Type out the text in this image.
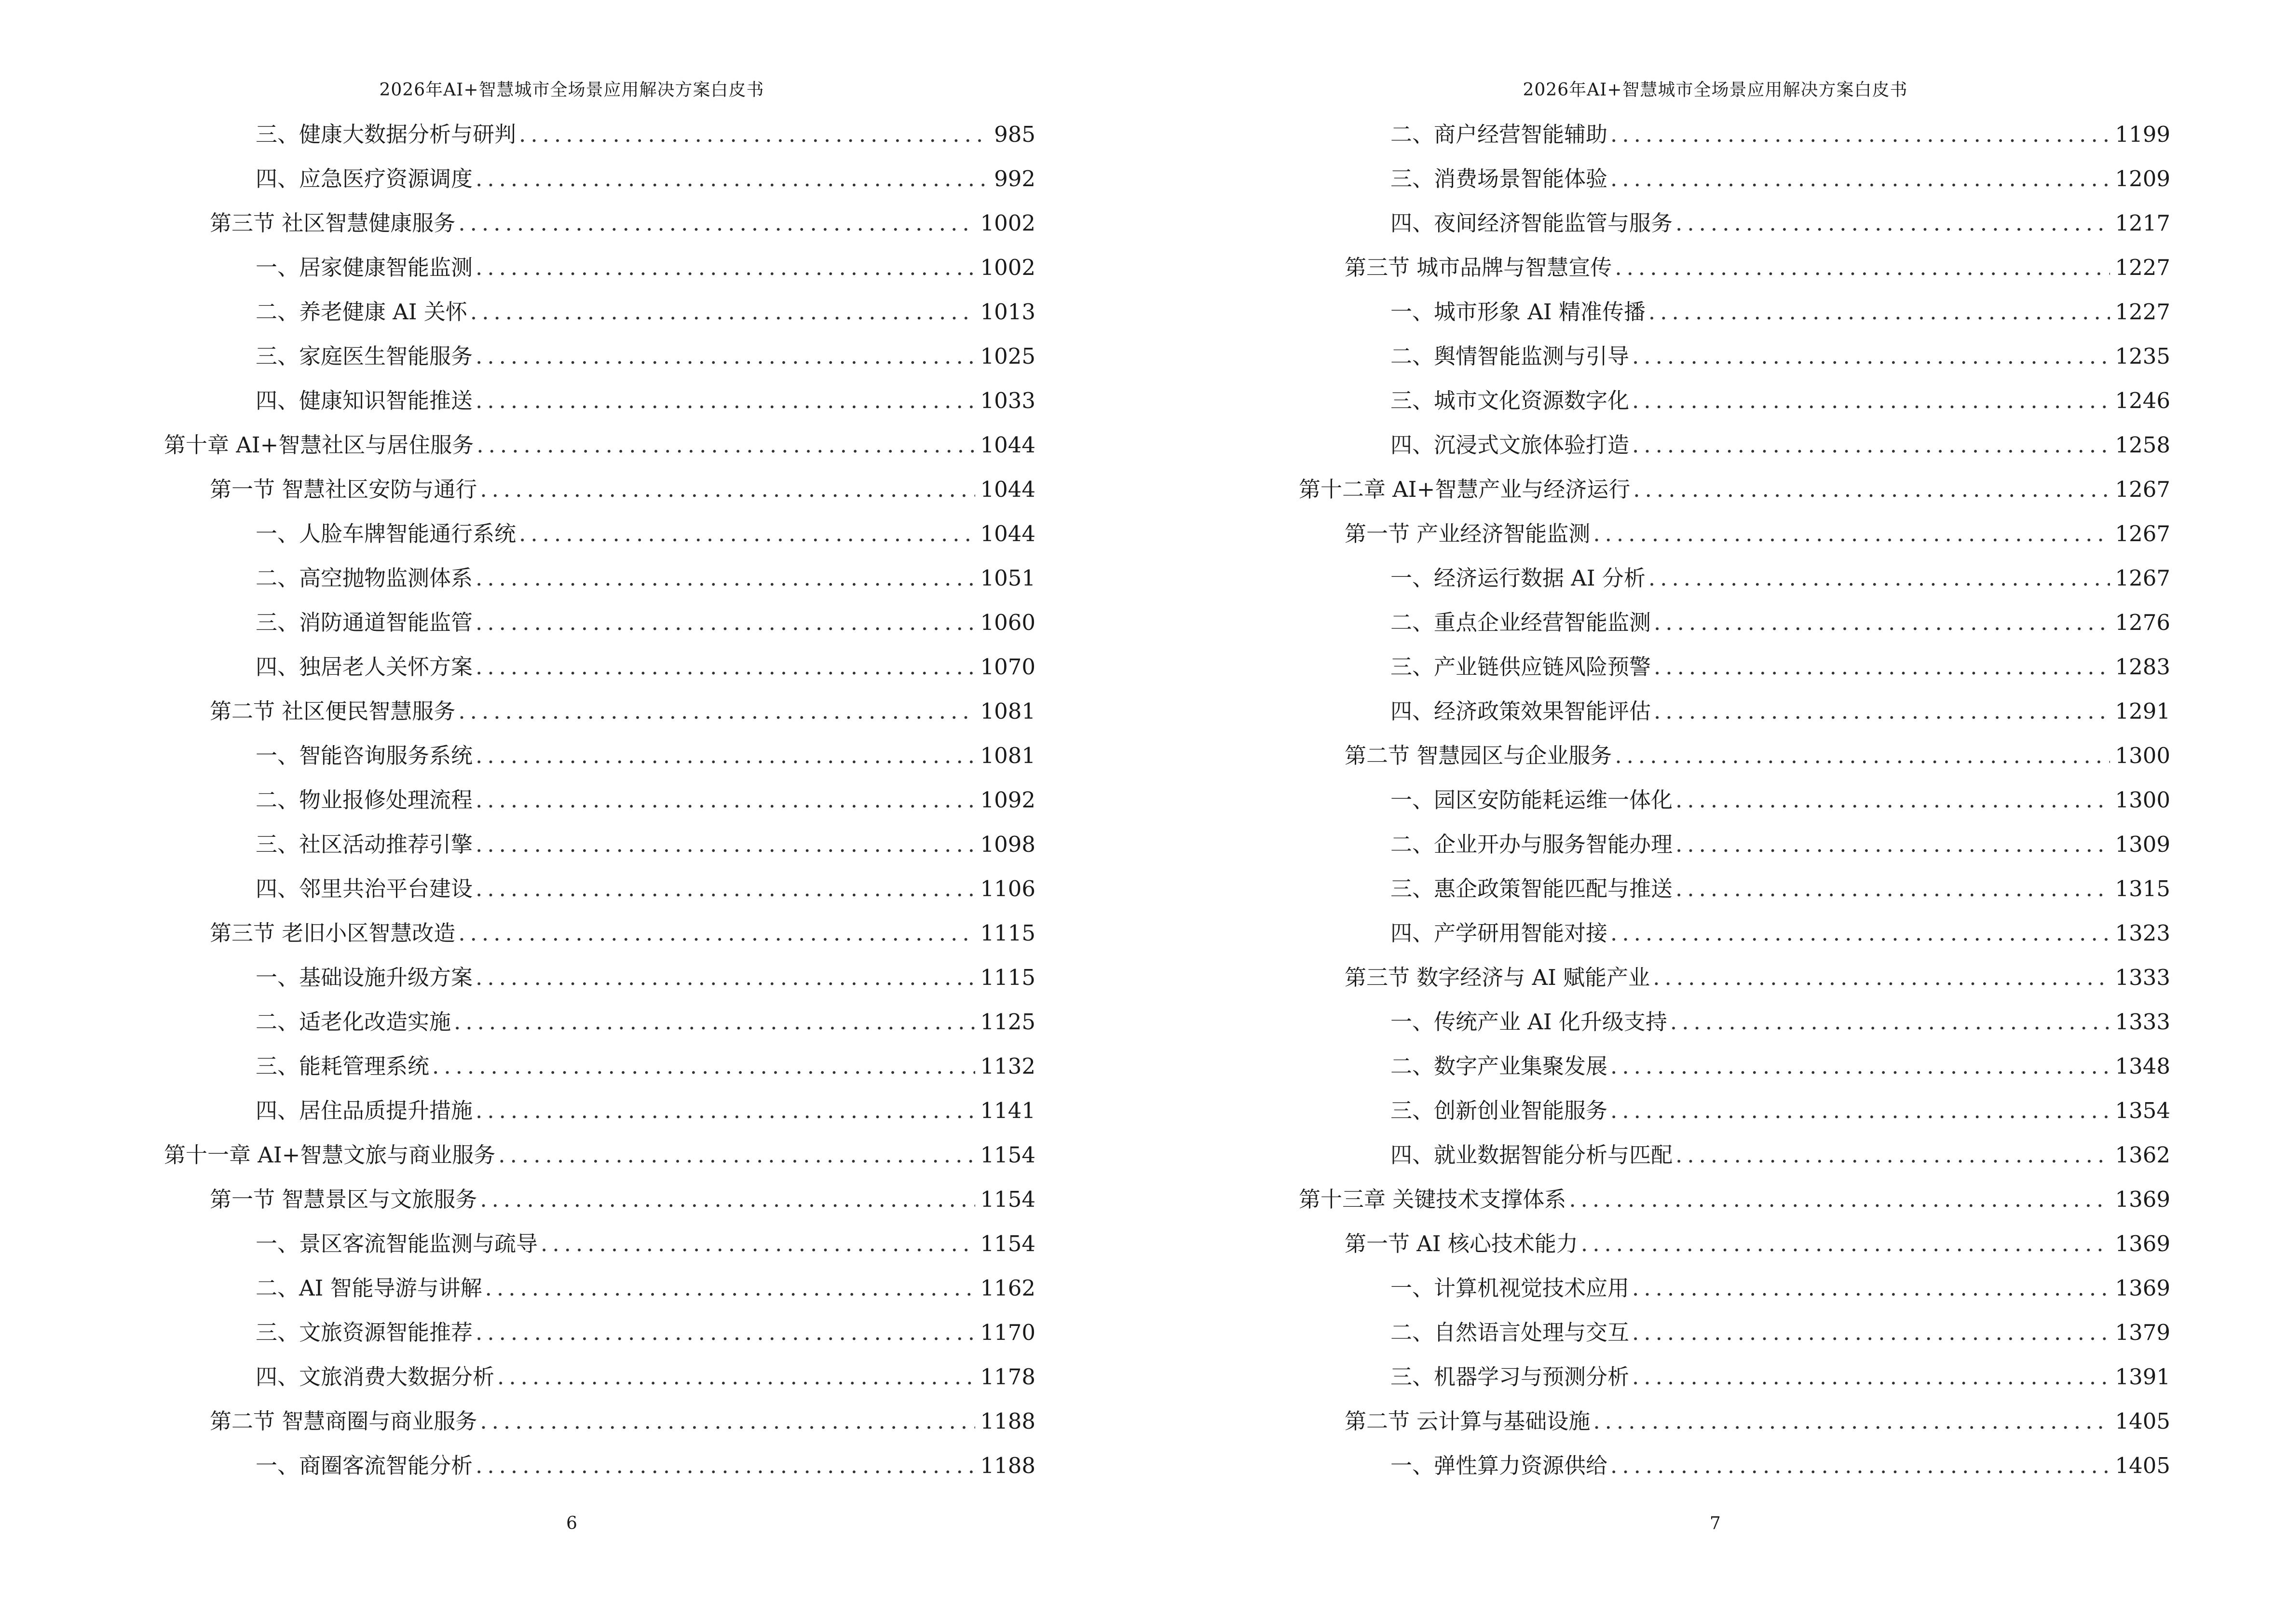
2026年AI+智慧城市全场景应用解决方案白皮书
三、健康大数据分析与研判 .....	985
四、应急医疗资源调度 .....	992
第三节 社区智慧健康服务 .....	1002
一、居家健康智能监测 .....	1002
二、养老健康 AI 关怀 .....	1013
三、家庭医生智能服务 .....	1025
四、健康知识智能推送 .....	1033
第十章 AI+智慧社区与居住服务 .....	1044
第一节 智慧社区安防与通行 .....	1044
一、人脸车牌智能通行系统 .....	1044
二、高空抛物监测体系 .....	1051
三、消防通道智能监管 .....	1060
四、独居老人关怀方案 .....	1070
第二节 社区便民智慧服务 .....	1081
一、智能咨询服务系统 .....	1081
二、物业报修处理流程 .....	1092
三、社区活动推荐引擎 .....	1098
四、邻里共治平台建设 .....	1106
第三节 老旧小区智慧改造 .....	1115
一、基础设施升级方案 .....	1115
二、适老化改造实施 .....	1125
三、能耗管理系统 .....	1132
四、居住品质提升措施 .....	1141
第十一章 AI+智慧文旅与商业服务 .....	1154
第一节 智慧景区与文旅服务 .....	1154
一、景区客流智能监测与疏导 .....	1154
二、AI 智能导游与讲解 .....	1162
三、文旅资源智能推荐 .....	1170
四、文旅消费大数据分析 .....	1178
第二节 智慧商圈与商业服务 .....	1188
一、商圈客流智能分析 .....	1188
6
2026年AI+智慧城市全场景应用解决方案白皮书
二、商户经营智能辅助 .....	1199
三、消费场景智能体验 .....	1209
四、夜间经济智能监管与服务 .....	1217
第三节 城市品牌与智慧宣传 .....	1227
一、城市形象 AI 精准传播 .....	1227
二、舆情智能监测与引导 .....	1235
三、城市文化资源数字化 .....	1246
四、沉浸式文旅体验打造 .....	1258
第十二章 AI+智慧产业与经济运行 .....	1267
第一节 产业经济智能监测 .....	1267
一、经济运行数据 AI 分析 .....	1267
二、重点企业经营智能监测 .....	1276
三、产业链供应链风险预警 .....	1283
四、经济政策效果智能评估 .....	1291
第二节 智慧园区与企业服务 .....	1300
一、园区安防能耗运维一体化 .....	1300
二、企业开办与服务智能办理 .....	1309
三、惠企政策智能匹配与推送 .....	1315
四、产学研用智能对接 .....	1323
第三节 数字经济与 AI 赋能产业 .....	1333
一、传统产业 AI 化升级支持 .....	1333
二、数字产业集聚发展 .....	1348
三、创新创业智能服务 .....	1354
四、就业数据智能分析与匹配 .....	1362
第十三章 关键技术支撑体系 .....	1369
第一节 AI 核心技术能力 .....	1369
一、计算机视觉技术应用 .....	1369
二、自然语言处理与交互 .....	1379
三、机器学习与预测分析 .....	1391
第二节 云计算与基础设施 .....	1405
一、弹性算力资源供给 .....	1405
7
